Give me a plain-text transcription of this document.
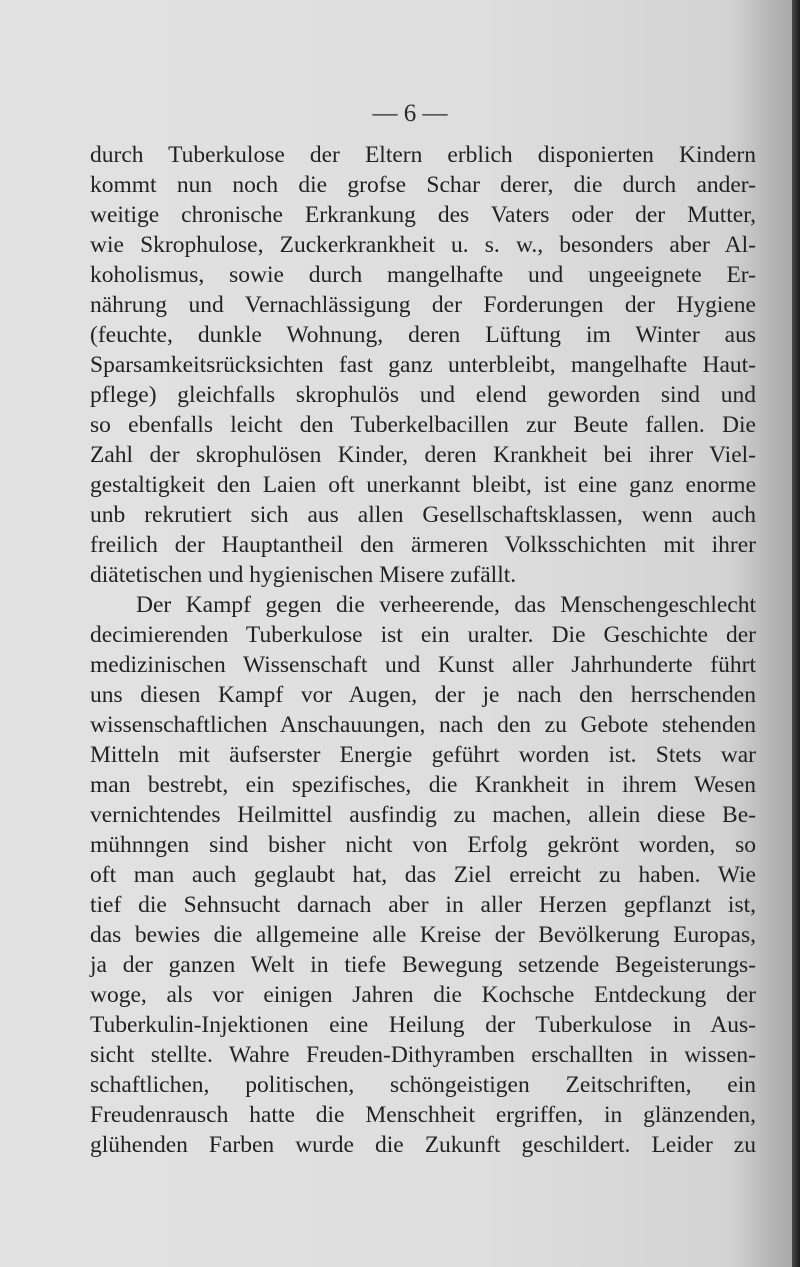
— 6 —
durch Tuberkulose der Eltern erblich disponierten Kindern
kommt nun noch die grofse Schar derer, die durch ander-
weitige chronische Erkrankung des Vaters oder der Mutter,
wie Skrophulose, Zuckerkrankheit u. s. w., besonders aber Al-
koholismus, sowie durch mangelhafte und ungeeignete Er-
nährung und Vernachlässigung der Forderungen der Hygiene
(feuchte, dunkle Wohnung, deren Lüftung im Winter aus
Sparsamkeitsrücksichten fast ganz unterbleibt, mangelhafte Haut-
pflege) gleichfalls skrophulös und elend geworden sind und
so ebenfalls leicht den Tuberkelbacillen zur Beute fallen. Die
Zahl der skrophulösen Kinder, deren Krankheit bei ihrer Viel-
gestaltigkeit den Laien oft unerkannt bleibt, ist eine ganz enorme
unb rekrutiert sich aus allen Gesellschaftsklassen, wenn auch
freilich der Hauptantheil den ärmeren Volksschichten mit ihrer
diätetischen und hygienischen Misere zufällt.
Der Kampf gegen die verheerende, das Menschengeschlecht
decimierenden Tuberkulose ist ein uralter. Die Geschichte der
medizinischen Wissenschaft und Kunst aller Jahrhunderte führt
uns diesen Kampf vor Augen, der je nach den herrschenden
wissenschaftlichen Anschauungen, nach den zu Gebote stehenden
Mitteln mit äufserster Energie geführt worden ist. Stets war
man bestrebt, ein spezifisches, die Krankheit in ihrem Wesen
vernichtendes Heilmittel ausfindig zu machen, allein diese Be-
mühnngen sind bisher nicht von Erfolg gekrönt worden, so
oft man auch geglaubt hat, das Ziel erreicht zu haben. Wie
tief die Sehnsucht darnach aber in aller Herzen gepflanzt ist,
das bewies die allgemeine alle Kreise der Bevölkerung Europas,
ja der ganzen Welt in tiefe Bewegung setzende Begeisterungs-
woge, als vor einigen Jahren die Kochsche Entdeckung der
Tuberkulin-Injektionen eine Heilung der Tuberkulose in Aus-
sicht stellte. Wahre Freuden-Dithyramben erschallten in wissen-
schaftlichen, politischen, schöngeistigen Zeitschriften, ein
Freudenrausch hatte die Menschheit ergriffen, in glänzenden,
glühenden Farben wurde die Zukunft geschildert. Leider zu
